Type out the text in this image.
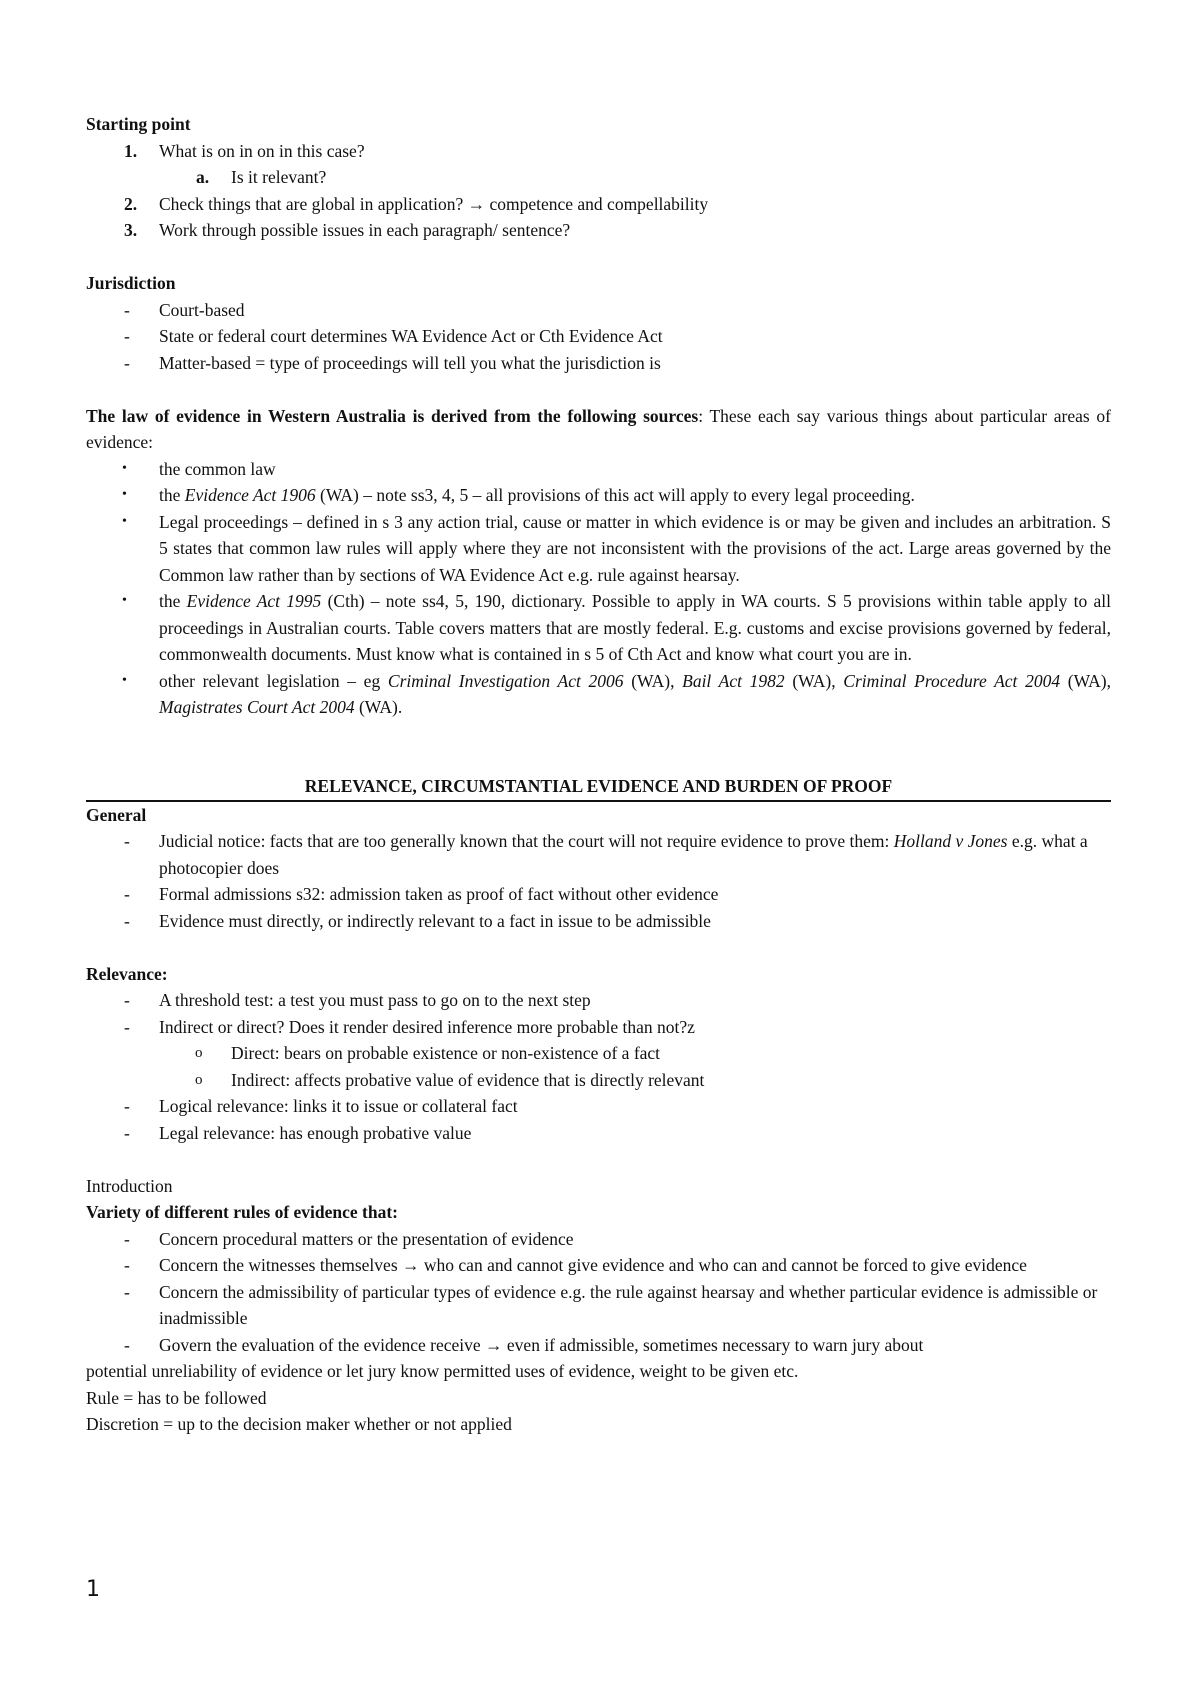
Starting point

1. What is on in on in this case?
a. Is it relevant?
2. Check things that are global in application? → competence and compellability
3. Work through possible issues in each paragraph/ sentence?

Jurisdiction

- Court-based
- State or federal court determines WA Evidence Act or Cth Evidence Act
- Matter-based = type of proceedings will tell you what the jurisdiction is

The law of evidence in Western Australia is derived from the following sources: These each say various things about particular areas of evidence:

• the common law
• the Evidence Act 1906 (WA) – note ss3, 4, 5 – all provisions of this act will apply to every legal proceeding.
• Legal proceedings – defined in s 3 any action trial, cause or matter in which evidence is or may be given and includes an arbitration. S 5 states that common law rules will apply where they are not inconsistent with the provisions of the act. Large areas governed by the Common law rather than by sections of WA Evidence Act e.g. rule against hearsay.
• the Evidence Act 1995 (Cth) – note ss4, 5, 190, dictionary. Possible to apply in WA courts. S 5 provisions within table apply to all proceedings in Australian courts. Table covers matters that are mostly federal. E.g. customs and excise provisions governed by federal, commonwealth documents. Must know what is contained in s 5 of Cth Act and know what court you are in.
• other relevant legislation – eg Criminal Investigation Act 2006 (WA), Bail Act 1982 (WA), Criminal Procedure Act 2004 (WA), Magistrates Court Act 2004 (WA).

RELEVANCE, CIRCUMSTANTIAL EVIDENCE AND BURDEN OF PROOF

General

- Judicial notice: facts that are too generally known that the court will not require evidence to prove them: Holland v Jones e.g. what a photocopier does
- Formal admissions s32: admission taken as proof of fact without other evidence
- Evidence must directly, or indirectly relevant to a fact in issue to be admissible

Relevance:

- A threshold test: a test you must pass to go on to the next step
- Indirect or direct? Does it render desired inference more probable than not?z
o Direct: bears on probable existence or non-existence of a fact
o Indirect: affects probative value of evidence that is directly relevant
- Logical relevance: links it to issue or collateral fact
- Legal relevance: has enough probative value

Introduction

Variety of different rules of evidence that:

- Concern procedural matters or the presentation of evidence
- Concern the witnesses themselves → who can and cannot give evidence and who can and cannot be forced to give evidence
- Concern the admissibility of particular types of evidence e.g. the rule against hearsay and whether particular evidence is admissible or inadmissible
- Govern the evaluation of the evidence receive → even if admissible, sometimes necessary to warn jury about

potential unreliability of evidence or let jury know permitted uses of evidence, weight to be given etc.

Rule = has to be followed

Discretion = up to the decision maker whether or not applied

1
